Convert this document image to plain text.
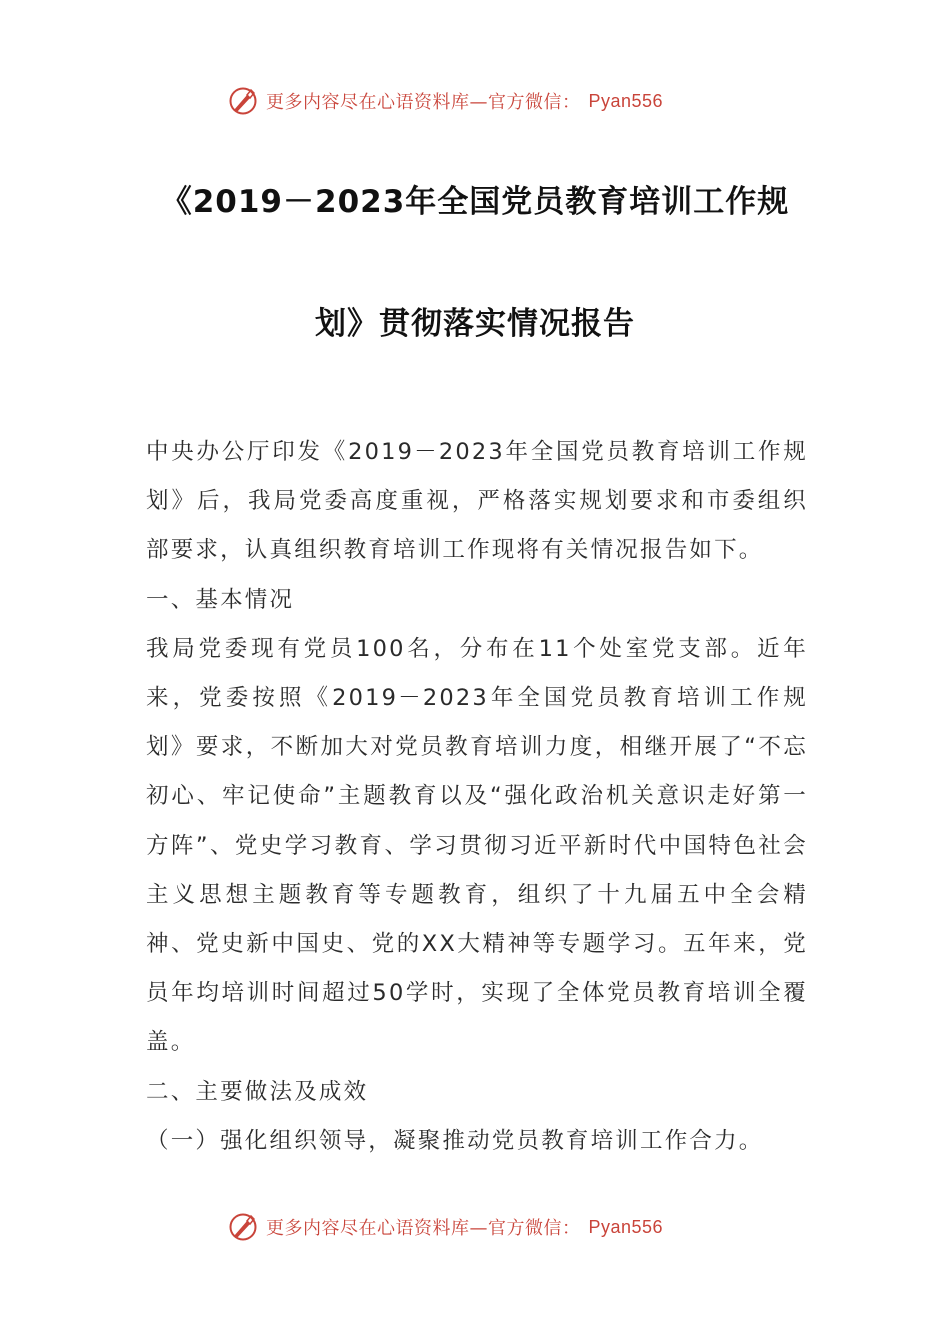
更多内容尽在心语资料库—官方微信： Pyan556
《2019－2023年全国党员教育培训工作规
划》贯彻落实情况报告

中央办公厅印发《2019－2023年全国党员教育培训工作规划》后，我局党委高度重视，严格落实规划要求和市委组织部要求，认真组织教育培训工作现将有关情况报告如下。

一、基本情况

我局党委现有党员100名，分布在11个处室党支部。近年来，党委按照《2019－2023年全国党员教育培训工作规划》要求，不断加大对党员教育培训力度，相继开展了“不忘初心、牢记使命”主题教育以及“强化政治机关意识走好第一方阵”、党史学习教育、学习贯彻习近平新时代中国特色社会主义思想主题教育等专题教育，组织了十九届五中全会精神、党史新中国史、党的XX大精神等专题学习。五年来，党员年均培训时间超过50学时，实现了全体党员教育培训全覆盖。

二、主要做法及成效

（一）强化组织领导，凝聚推动党员教育培训工作合力。

更多内容尽在心语资料库—官方微信： Pyan556
